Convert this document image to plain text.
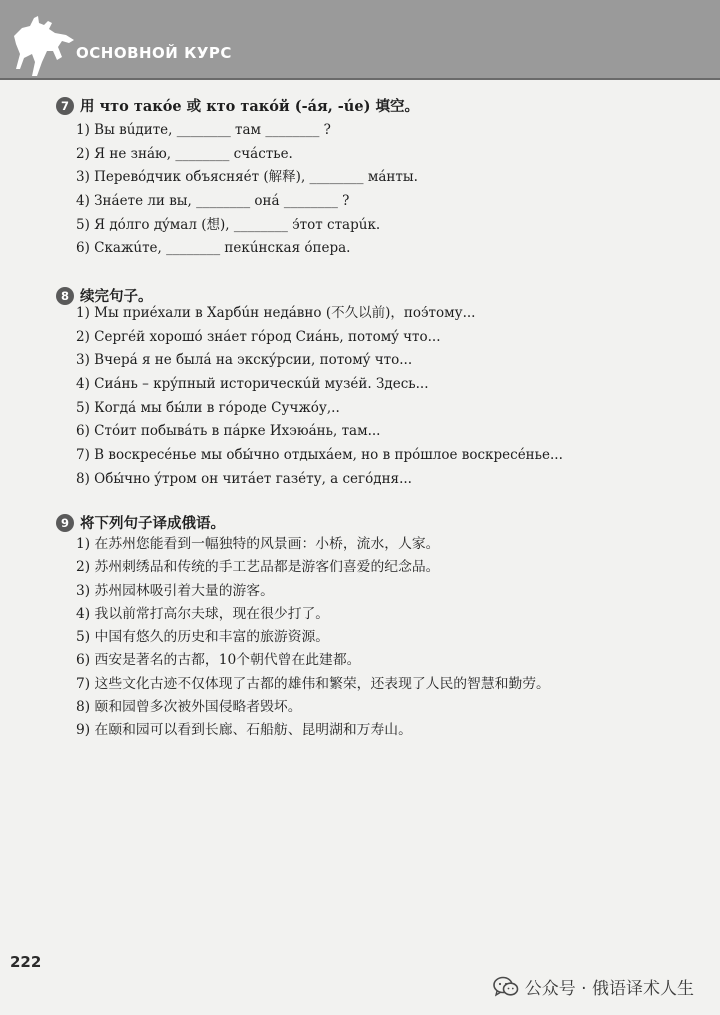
ОСНОВНОЙ КУРС
7 用 что такóе 或 кто такóй (-áя, -úе) 填空。
1) Вы вúдите, ________ там ________ ?
2) Я не знáю, ________ счáстье.
3) Перевóдчик объясняéт (解释), ________ мáнты.
4) Знáете ли вы, ________ онá ________ ?
5) Я дóлго дýмал (想), ________ э́тот старúк.
6) Скажúте, ________ пекúнская óпера.
8 续完句子。
1) Мы приéхали в Харбúн недáвно (不久以前)，поэ́тому...
2) Сергéй хорошó знáет гóрод Сиáнь, потомý что...
3) Вчерá я не былá на экскýрсии, потомý что...
4) Сиáнь – крýпный историческúй музéй. Здесь...
5) Когдá мы бы́ли в гóроде Сучжóу,..
6) Стóит побывáть в пáрке Ихэюáнь, там...
7) В воскресéнье мы обы́чно отдыхáем, но в прóшлое воскресéнье...
8) Обы́чно ýтром он читáет газéту, а сегóдня...
9 将下列句子译成俄语。
1) 在苏州您能看到一幅独特的风景画：小桥，流水，人家。
2) 苏州刺绣品和传统的手工艺品都是游客们喜爱的纪念品。
3) 苏州园林吸引着大量的游客。
4) 我以前常打高尔夫球，现在很少打了。
5) 中国有悠久的历史和丰富的旅游资源。
6) 西安是著名的古都，10个朝代曾在此建都。
7) 这些文化古迹不仅体现了古都的雄伟和繁荣，还表现了人民的智慧和勤劳。
8) 颐和园曾多次被外国侵略者毁坏。
9) 在颐和园可以看到长廊、石船舫、昆明湖和万寿山。
222
公众号 · 俄语译术人生
